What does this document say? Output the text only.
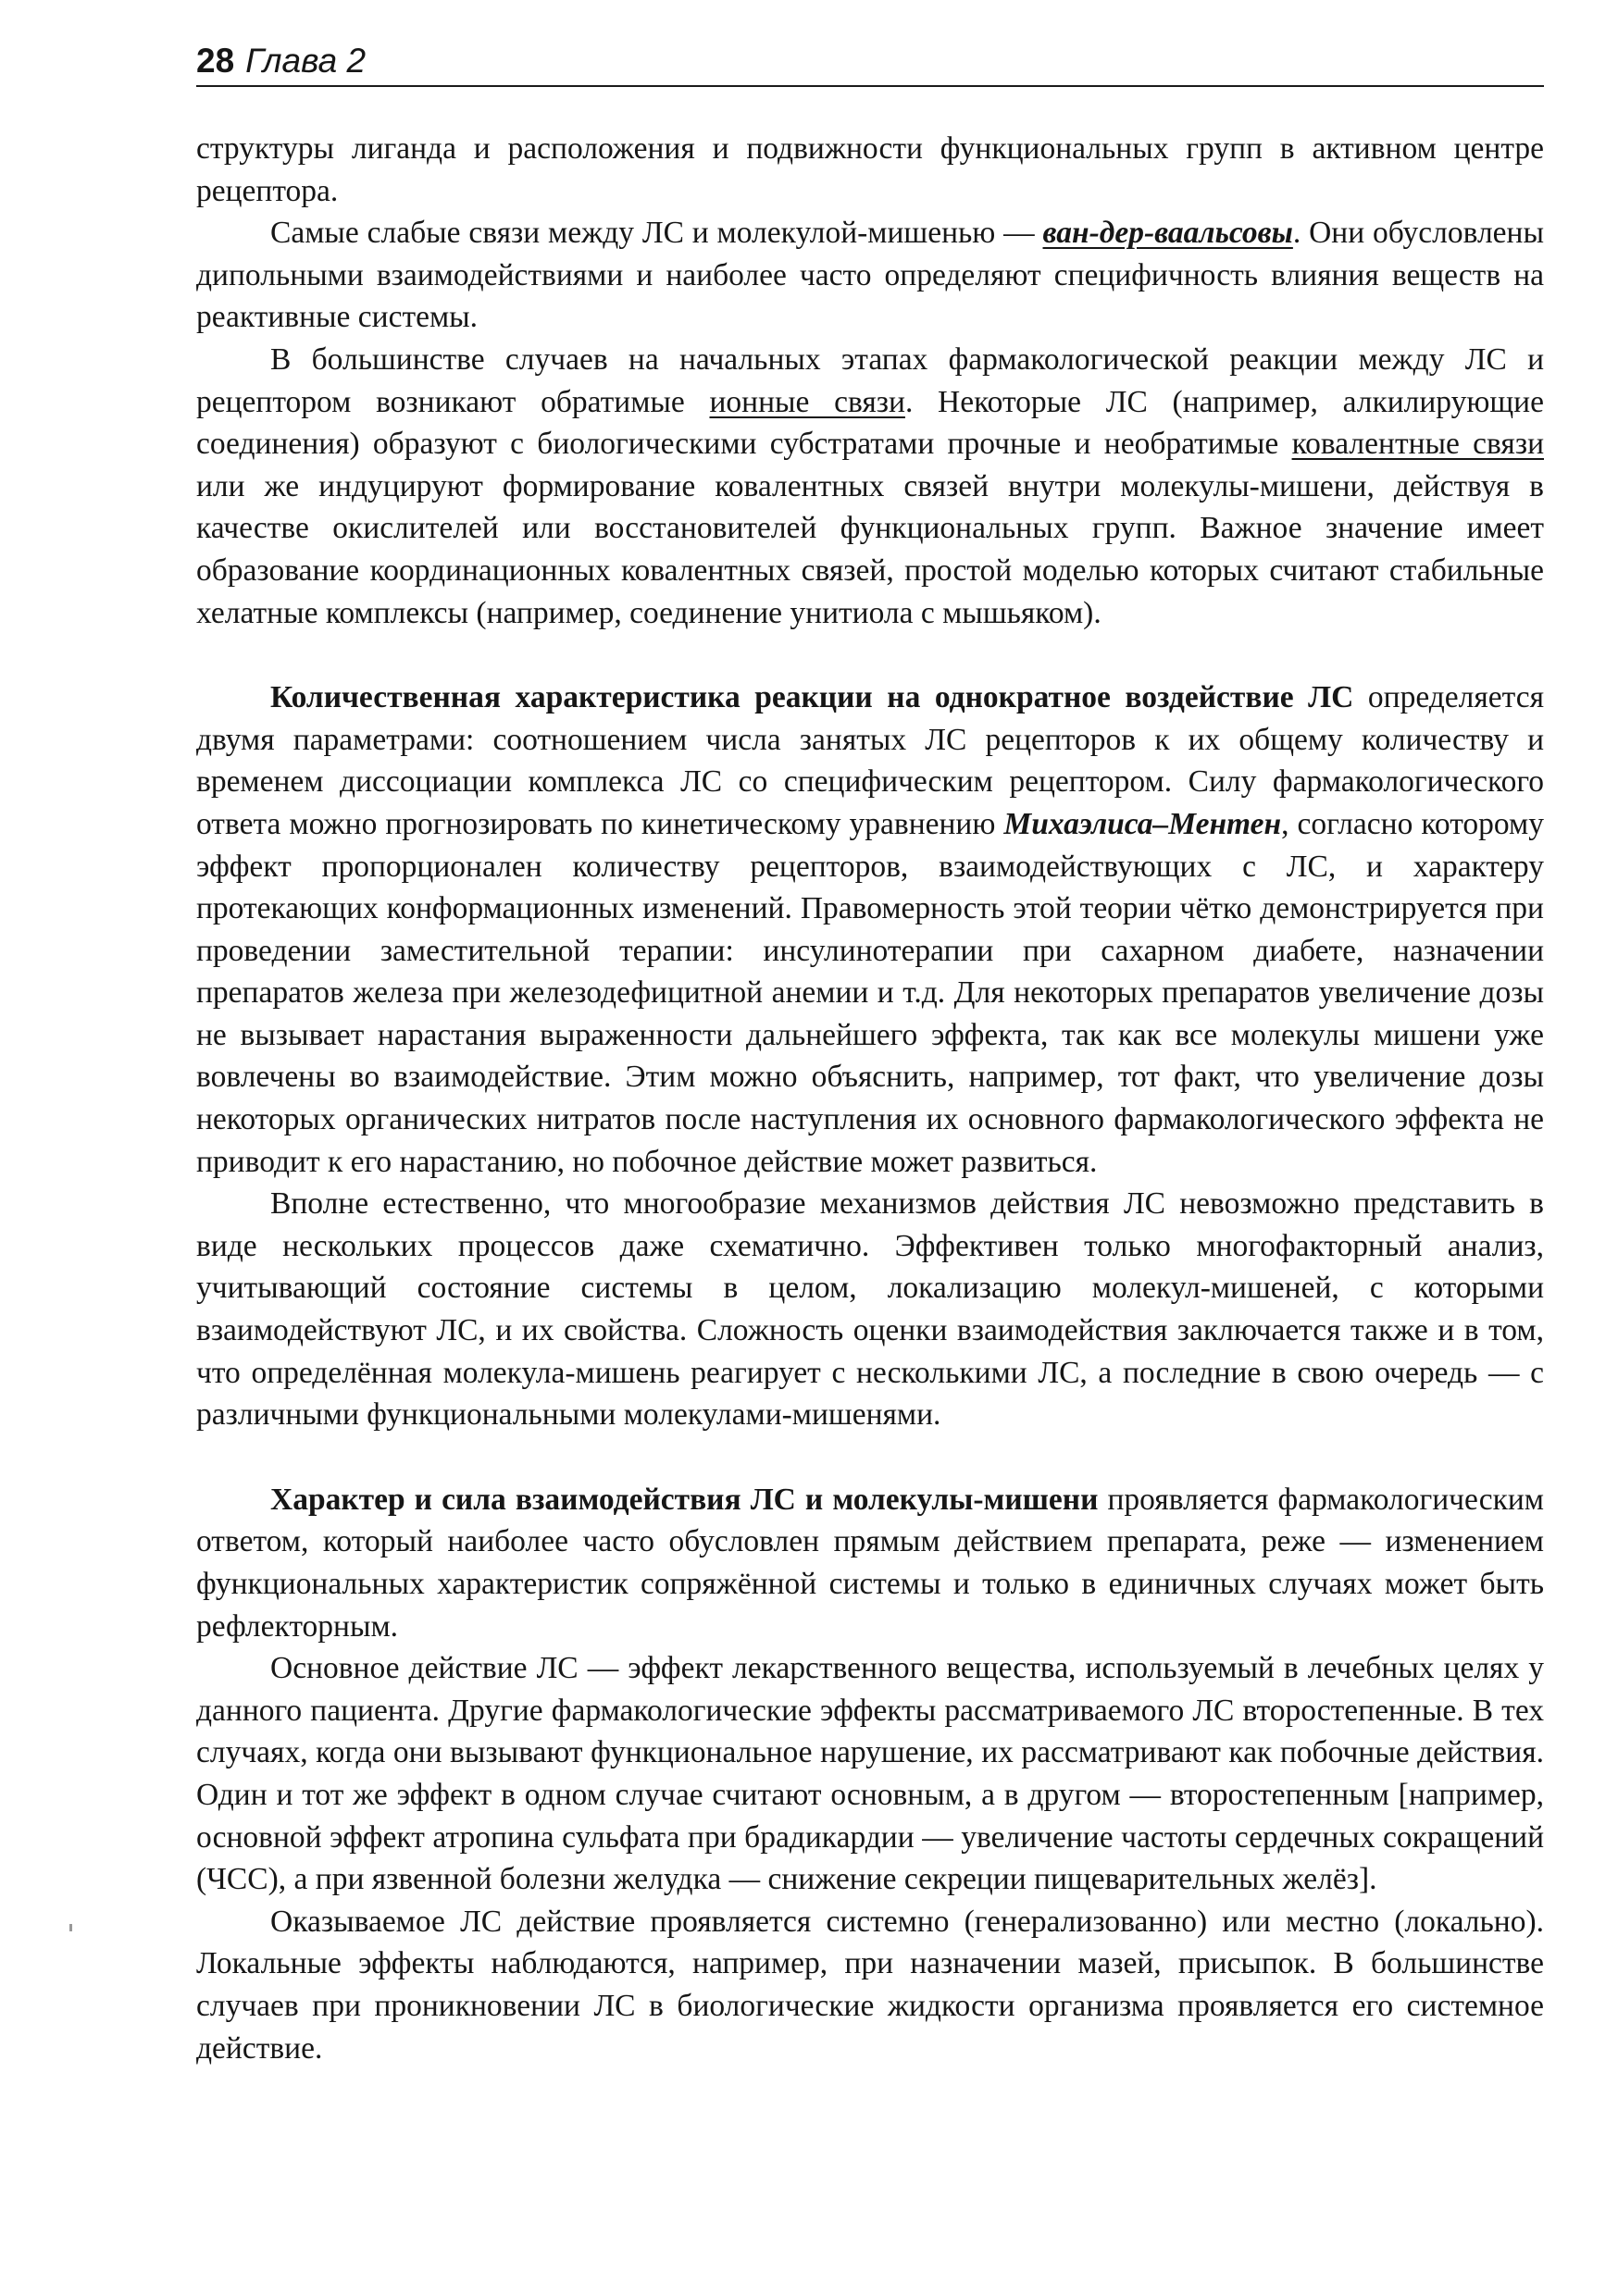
28 Глава 2

структуры лиганда и расположения и подвижности функциональных групп в активном центре рецептора.

Самые слабые связи между ЛС и молекулой-мишенью — ван-дер-ваальсовы. Они обусловлены дипольными взаимодействиями и наиболее часто определяют специфичность влияния веществ на реактивные системы.

В большинстве случаев на начальных этапах фармакологической реакции между ЛС и рецептором возникают обратимые ионные связи. Некоторые ЛС (например, алкилирующие соединения) образуют с биологическими субстратами прочные и необратимые ковалентные связи или же индуцируют формирование ковалентных связей внутри молекулы-мишени, действуя в качестве окислителей или восстановителей функциональных групп. Важное значение имеет образование координационных ковалентных связей, простой моделью которых считают стабильные хелатные комплексы (например, соединение унитиола с мышьяком).

Количественная характеристика реакции на однократное воздействие ЛС определяется двумя параметрами: соотношением числа занятых ЛС рецепторов к их общему количеству и временем диссоциации комплекса ЛС со специфическим рецептором. Силу фармакологического ответа можно прогнозировать по кинетическому уравнению Михаэлиса–Ментен, согласно которому эффект пропорционален количеству рецепторов, взаимодействующих с ЛС, и характеру протекающих конформационных изменений. Правомерность этой теории чётко демонстрируется при проведении заместительной терапии: инсулинотерапии при сахарном диабете, назначении препаратов железа при железодефицитной анемии и т.д. Для некоторых препаратов увеличение дозы не вызывает нарастания выраженности дальнейшего эффекта, так как все молекулы мишени уже вовлечены во взаимодействие. Этим можно объяснить, например, тот факт, что увеличение дозы некоторых органических нитратов после наступления их основного фармакологического эффекта не приводит к его нарастанию, но побочное действие может развиться.

Вполне естественно, что многообразие механизмов действия ЛС невозможно представить в виде нескольких процессов даже схематично. Эффективен только многофакторный анализ, учитывающий состояние системы в целом, локализацию молекул-мишеней, с которыми взаимодействуют ЛС, и их свойства. Сложность оценки взаимодействия заключается также и в том, что определённая молекула-мишень реагирует с несколькими ЛС, а последние в свою очередь — с различными функциональными молекулами-мишенями.

Характер и сила взаимодействия ЛС и молекулы-мишени проявляется фармакологическим ответом, который наиболее часто обусловлен прямым действием препарата, реже — изменением функциональных характеристик сопряжённой системы и только в единичных случаях может быть рефлекторным.

Основное действие ЛС — эффект лекарственного вещества, используемый в лечебных целях у данного пациента. Другие фармакологические эффекты рассматриваемого ЛС второстепенные. В тех случаях, когда они вызывают функциональное нарушение, их рассматривают как побочные действия. Один и тот же эффект в одном случае считают основным, а в другом — второстепенным [например, основной эффект атропина сульфата при брадикардии — увеличение частоты сердечных сокращений (ЧСС), а при язвенной болезни желудка — снижение секреции пищеварительных желёз].

Оказываемое ЛС действие проявляется системно (генерализованно) или местно (локально). Локальные эффекты наблюдаются, например, при назначении мазей, присыпок. В большинстве случаев при проникновении ЛС в биологические жидкости организма проявляется его системное действие.
